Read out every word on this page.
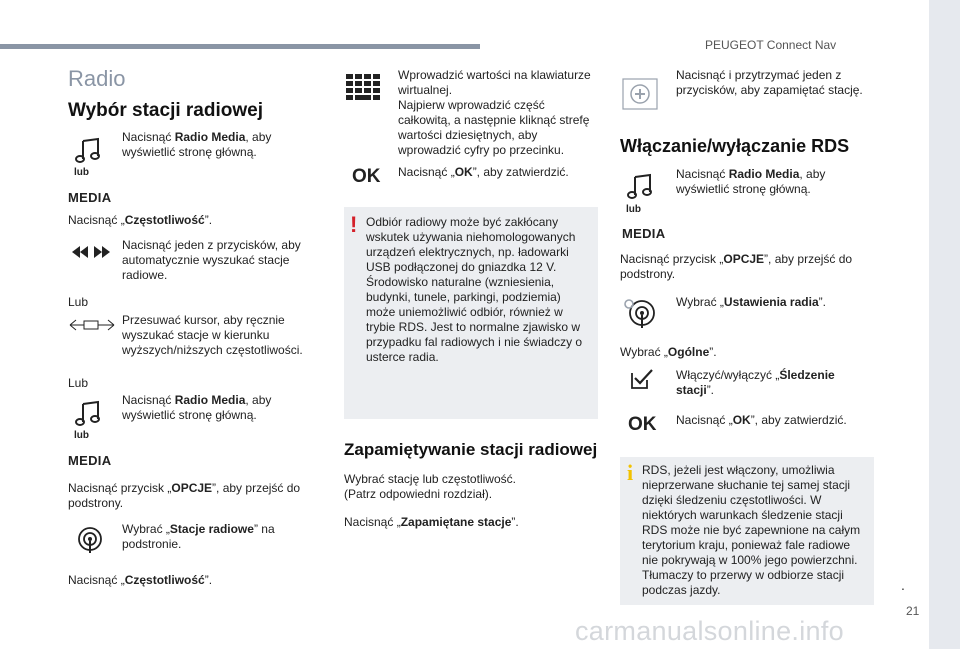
PEUGEOT Connect Nav
.
21
Radio
Wybór stacji radiowej
lub
MEDIA
Nacisnąć Radio Media, aby wyświetlić stronę główną.
Nacisnąć „Częstotliwość”.
Nacisnąć jeden z przycisków, aby automatycznie wyszukać stacje radiowe.
Lub
Przesuwać kursor, aby ręcznie wyszukać stacje w kierunku wyższych/niższych częstotliwości.
Lub
lub
MEDIA
Nacisnąć Radio Media, aby wyświetlić stronę główną.
Nacisnąć przycisk „OPCJE”, aby przejść do podstrony.
Wybrać „Stacje radiowe” na podstronie.
Nacisnąć „Częstotliwość”.
Wprowadzić wartości na klawiaturze wirtualnej.
Najpierw wprowadzić część całkowitą, a następnie kliknąć strefę wartości dziesiętnych, aby wprowadzić cyfry po przecinku.
OK Nacisnąć „OK”, aby zatwierdzić.
! Odbiór radiowy może być zakłócany wskutek używania niehomologowanych urządzeń elektrycznych, np. ładowarki USB podłączonej do gniazdka 12 V. Środowisko naturalne (wzniesienia, budynki, tunele, parkingi, podziemia) może uniemożliwić odbiór, również w trybie RDS. Jest to normalne zjawisko w przypadku fal radiowych i nie świadczy o usterce radia.
Zapamiętywanie stacji radiowej
Wybrać stację lub częstotliwość.
(Patrz odpowiedni rozdział).
Nacisnąć „Zapamiętane stacje”.
Nacisnąć i przytrzymać jeden z przycisków, aby zapamiętać stację.
Włączanie/wyłączanie RDS
lub
MEDIA
Nacisnąć Radio Media, aby wyświetlić stronę główną.
Nacisnąć przycisk „OPCJE”, aby przejść do podstrony.
Wybrać „Ustawienia radia”.
Wybrać „Ogólne”.
Włączyć/wyłączyć „Śledzenie stacji”.
OK Nacisnąć „OK”, aby zatwierdzić.
i RDS, jeżeli jest włączony, umożliwia nieprzerwane słuchanie tej samej stacji dzięki śledzeniu częstotliwości. W niektórych warunkach śledzenie stacji RDS może nie być zapewnione na całym terytorium kraju, ponieważ fale radiowe nie pokrywają w 100% jego powierzchni. Tłumaczy to przerwy w odbiorze stacji podczas jazdy.
carmanualsonline.info
